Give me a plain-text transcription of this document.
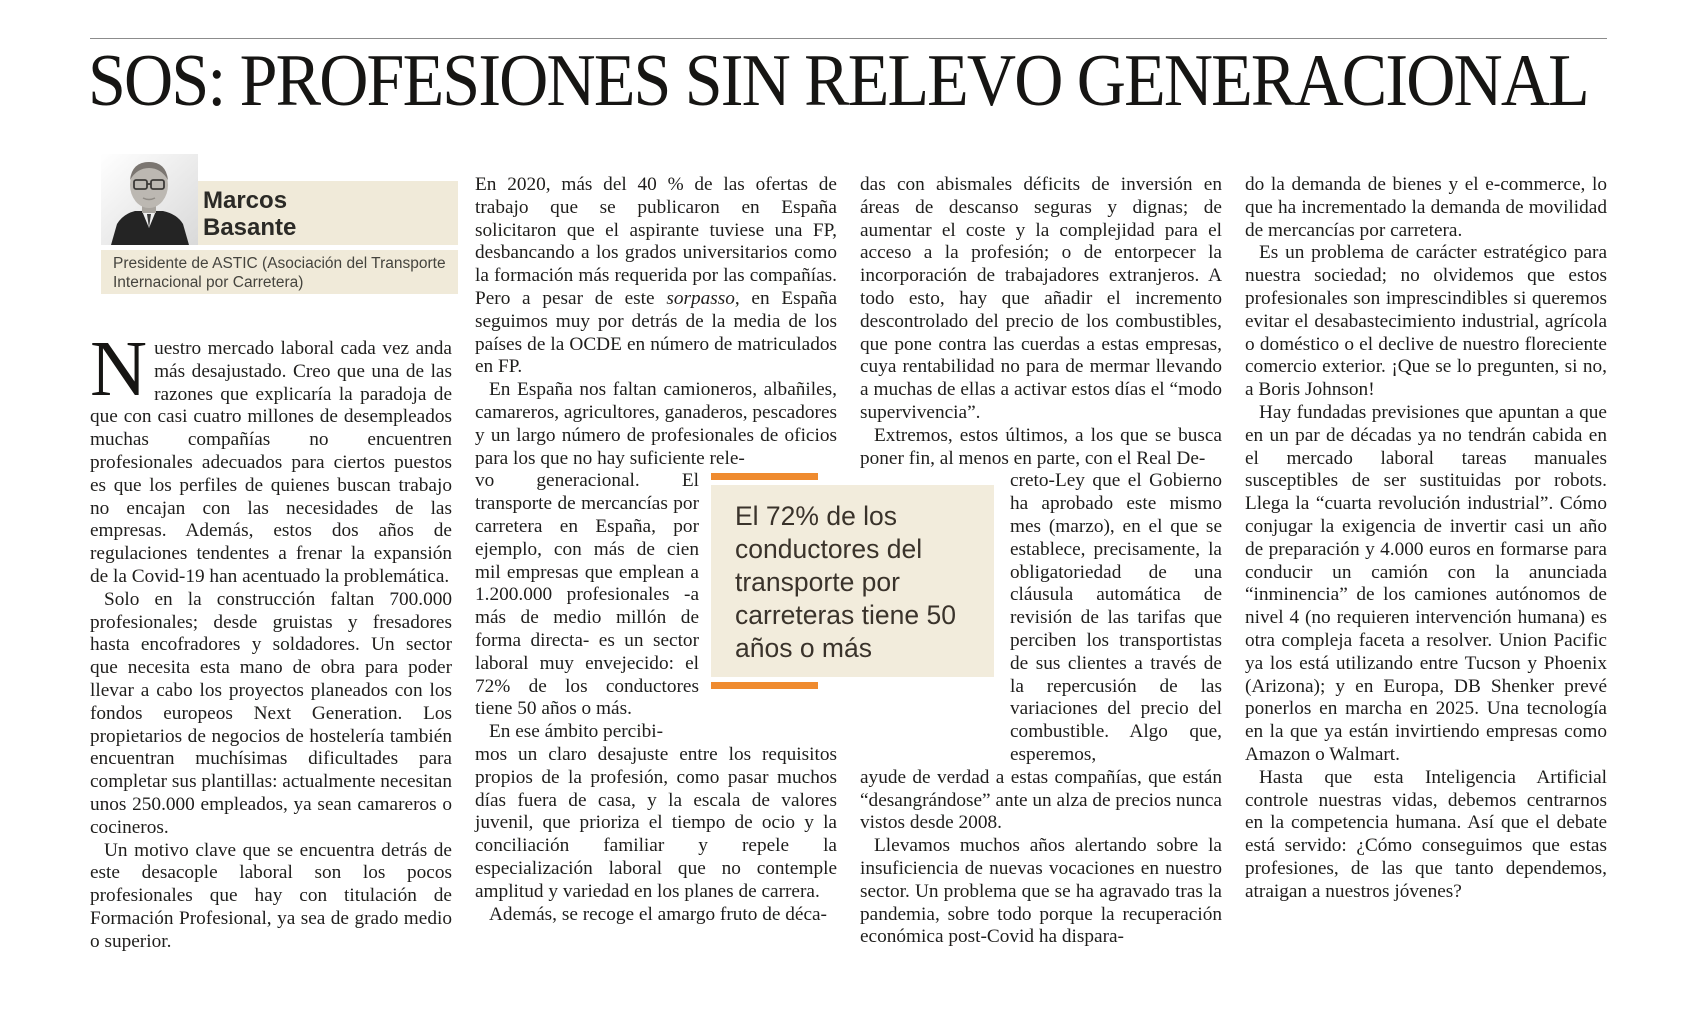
SOS: PROFESIONES SIN RELEVO GENERACIONAL
Presidente de ASTIC (Asociación del Transporte Internacional por Carretera)
Marcos
Basante

Nuestro mercado laboral cada vez anda más desajustado. Creo que una de las razones que explicaría la paradoja de que con casi cuatro millones de desempleados muchas compañías no encuentren profesionales adecuados para ciertos puestos es que los perfiles de quienes buscan trabajo no encajan con las necesidades de las empresas. Además, estos dos años de regulaciones tendentes a frenar la expansión de la Covid-19 han acentuado la problemática.

Solo en la construcción faltan 700.000 profesionales; desde gruistas y fresadores hasta encofradores y soldadores. Un sector que necesita esta mano de obra para poder llevar a cabo los proyectos planeados con los fondos europeos Next Generation. Los propietarios de negocios de hostelería también encuentran muchísimas dificultades para completar sus plantillas: actualmente necesitan unos 250.000 empleados, ya sean camareros o cocineros.

Un motivo clave que se encuentra detrás de este desacople laboral son los pocos profesionales que hay con titulación de Formación Profesional, ya sea de grado medio o superior.

En 2020, más del 40 % de las ofertas de trabajo que se publicaron en España solicitaron que el aspirante tuviese una FP, desbancando a los grados universitarios como la formación más requerida por las compañías. Pero a pesar de este sorpasso, en España seguimos muy por detrás de la media de los países de la OCDE en número de matriculados en FP.

En España nos faltan camioneros, albañiles, camareros, agricultores, ganaderos, pescadores y un largo número de profesionales de oficios para los que no hay suficiente rele-

vo generacional. El transporte de mercancías por carretera en España, por ejemplo, con más de cien mil empresas que emplean a 1.200.000 profesionales -a más de medio millón de forma directa- es un sector laboral muy envejecido: el 72% de los conductores tiene 50 años o más.

En ese ámbito percibi-

mos un claro desajuste entre los requisitos propios de la profesión, como pasar muchos días fuera de casa, y la escala de valores juvenil, que prioriza el tiempo de ocio y la conciliación familiar y repele la especialización laboral que no contemple amplitud y variedad en los planes de carrera.

Además, se recoge el amargo fruto de déca-

das con abismales déficits de inversión en áreas de descanso seguras y dignas; de aumentar el coste y la complejidad para el acceso a la profesión; o de entorpecer la incorporación de trabajadores extranjeros. A todo esto, hay que añadir el incremento descontrolado del precio de los combustibles, que pone contra las cuerdas a estas empresas, cuya rentabilidad no para de mermar llevando a muchas de ellas a activar estos días el “modo supervivencia”.

Extremos, estos últimos, a los que se busca poner fin, al menos en parte, con el Real De-

creto-Ley que el Gobierno ha aprobado este mismo mes (marzo), en el que se establece, precisamente, la obligatoriedad de una cláusula automática de revisión de las tarifas que perciben los transportistas de sus clientes a través de la repercusión de las variaciones del precio del combustible. Algo que, esperemos,

ayude de verdad a estas compañías, que están “desangrándose” ante un alza de precios nunca vistos desde 2008.

Llevamos muchos años alertando sobre la insuficiencia de nuevas vocaciones en nuestro sector. Un problema que se ha agravado tras la pandemia, sobre todo porque la recuperación económica post-Covid ha dispara-

do la demanda de bienes y el e-commerce, lo que ha incrementado la demanda de movilidad de mercancías por carretera.

Es un problema de carácter estratégico para nuestra sociedad; no olvidemos que estos profesionales son imprescindibles si queremos evitar el desabastecimiento industrial, agrícola o doméstico o el declive de nuestro floreciente comercio exterior. ¡Que se lo pregunten, si no, a Boris Johnson!

Hay fundadas previsiones que apuntan a que en un par de décadas ya no tendrán cabida en el mercado laboral tareas manuales susceptibles de ser sustituidas por robots. Llega la “cuarta revolución industrial”. Cómo conjugar la exigencia de invertir casi un año de preparación y 4.000 euros en formarse para conducir un camión con la anunciada “inminencia” de los camiones autónomos de nivel 4 (no requieren intervención humana) es otra compleja faceta a resolver. Union Pacific ya los está utilizando entre Tucson y Phoenix (Arizona); y en Europa, DB Shenker prevé ponerlos en marcha en 2025. Una tecnología en la que ya están invirtiendo empresas como Amazon o Walmart.

Hasta que esta Inteligencia Artificial controle nuestras vidas, debemos centrarnos en la competencia humana. Así que el debate está servido: ¿Cómo conseguimos que estas profesiones, de las que tanto dependemos, atraigan a nuestros jóvenes?

El 72% de los conductores del transporte por carreteras tiene 50 años o más
